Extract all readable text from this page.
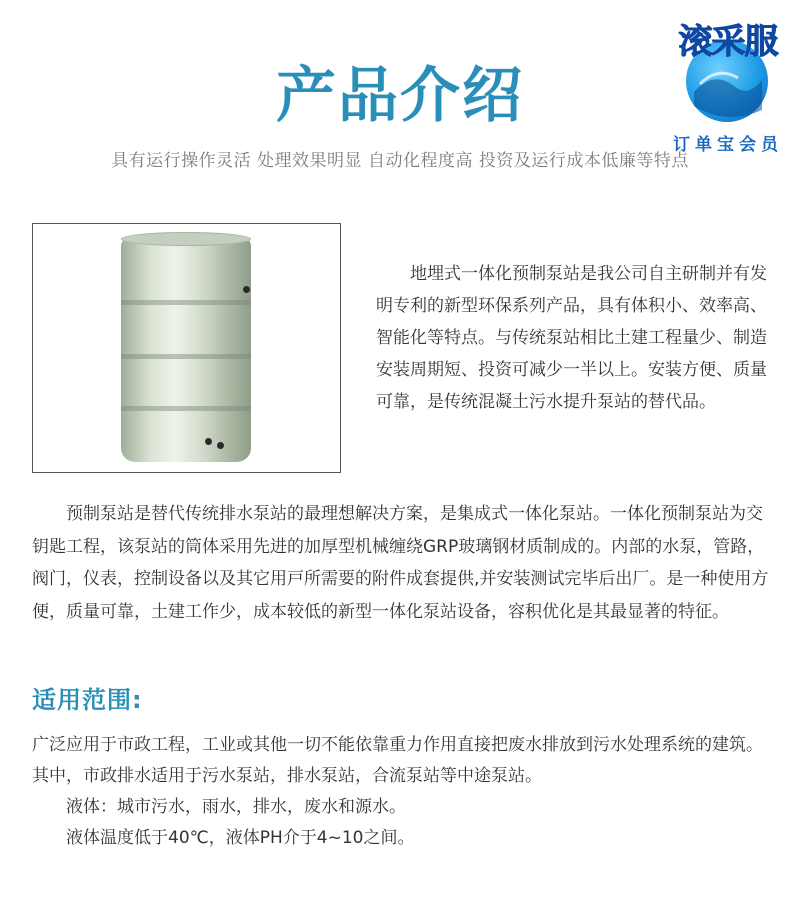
产品介绍
具有运行操作灵活 处理效果明显 自动化程度高 投资及运行成本低廉等特点
滚采服
订单宝会员

地埋式一体化预制泵站是我公司自主研制并有发明专利的新型环保系列产品，具有体积小、效率高、智能化等特点。与传统泵站相比土建工程量少、制造安装周期短、投资可减少一半以上。安装方便、质量可靠，是传统混凝土污水提升泵站的替代品。

预制泵站是替代传统排水泵站的最理想解决方案，是集成式一体化泵站。一体化预制泵站为交钥匙工程，该泵站的筒体采用先进的加厚型机械缠绕GRP玻璃钢材质制成的。内部的水泵，管路，阀门，仪表，控制设备以及其它用戸所需要的附件成套提供,并安装测试完毕后出厂。是一种使用方便，质量可靠，土建工作少，成本较低的新型一体化泵站设备，容积优化是其最显著的特征。

适用范围:
广泛应用于市政工程，工业或其他一切不能依靠重力作用直接把废水排放到污水处理系统的建筑。其中，市政排水适用于污水泵站，排水泵站，合流泵站等中途泵站。
液体：城市污水，雨水，排水，废水和源水。
液体温度低于40℃，液体PH介于4~10之间。
